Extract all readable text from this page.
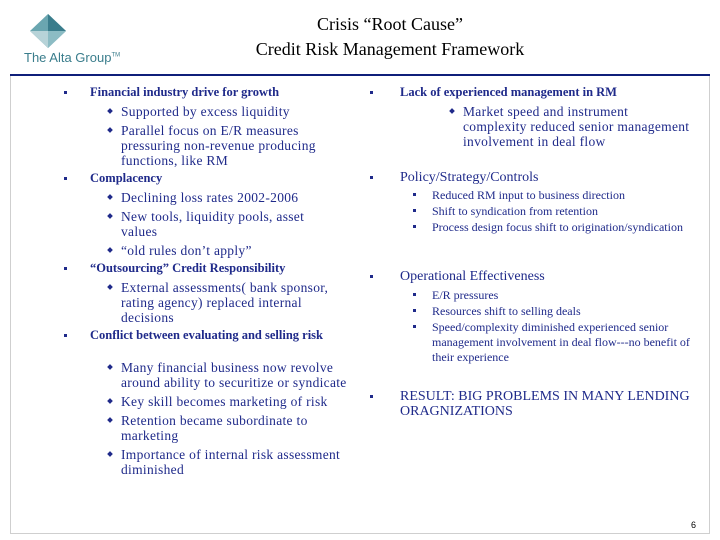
The Alta Group™
Crisis “Root Cause”
Credit Risk Management Framework
Financial industry drive for growth
Supported by excess liquidity
Parallel focus on E/R measures pressuring non-revenue producing functions, like RM
Complacency
Declining loss rates 2002-2006
New tools, liquidity pools, asset values
“old rules don’t apply”
“Outsourcing” Credit Responsibility
External assessments( bank sponsor, rating agency) replaced internal decisions
Conflict between evaluating and selling risk
Many financial business now revolve around ability to securitize or syndicate
Key skill becomes marketing of risk
Retention became subordinate to marketing
Importance of internal risk assessment diminished
Lack of experienced management in RM
Market speed and instrument complexity reduced senior management involvement in deal flow
Policy/Strategy/Controls
Reduced RM input to business direction
Shift to syndication from retention
Process design focus shift to origination/syndication
Operational Effectiveness
E/R pressures
Resources shift to selling deals
Speed/complexity diminished experienced senior management involvement in deal flow---no benefit of their experience
RESULT: BIG PROBLEMS IN MANY LENDING ORAGNIZATIONS
6
